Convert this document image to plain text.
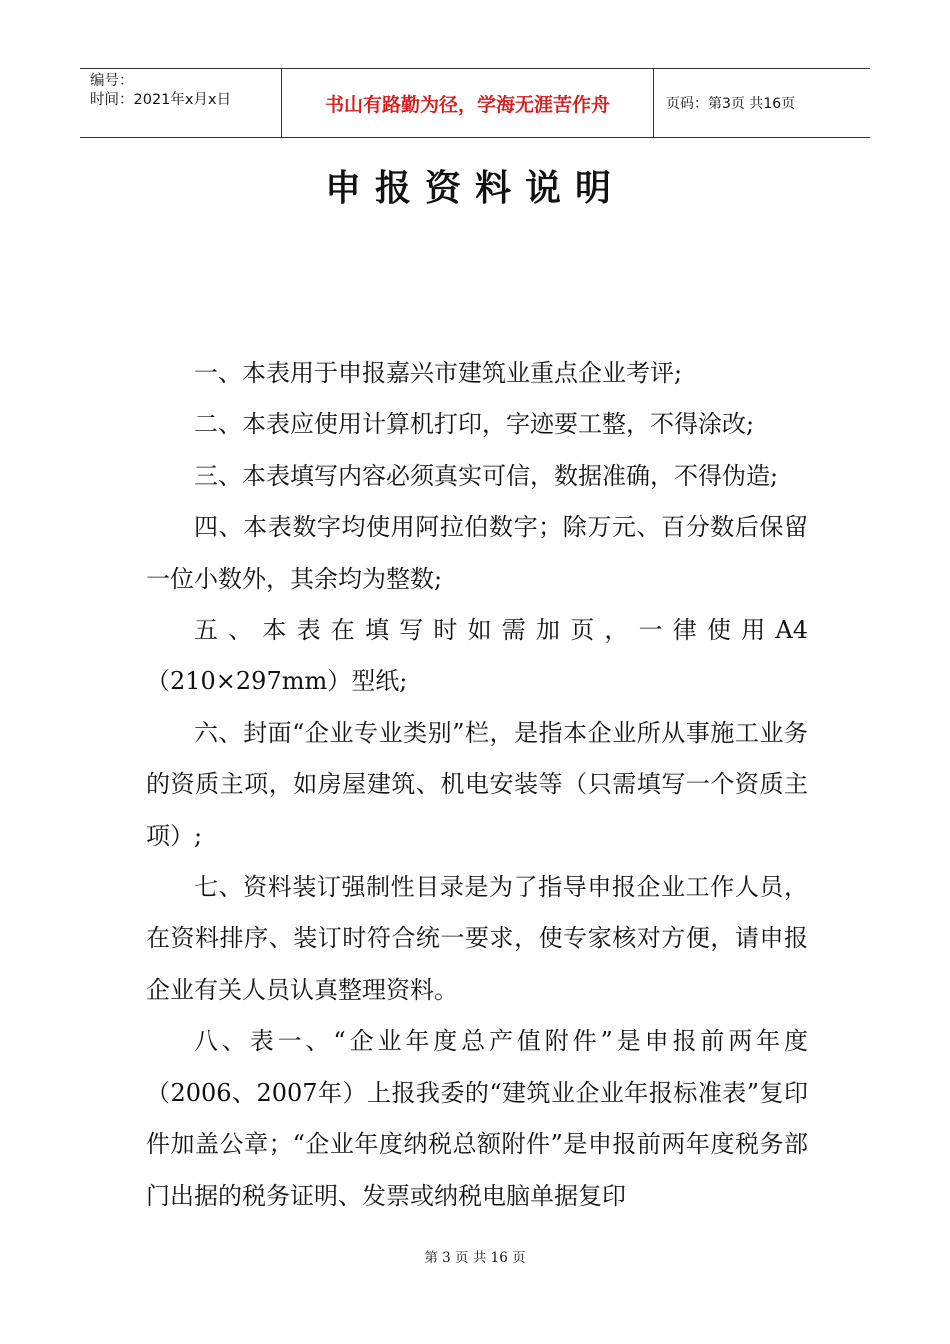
编号：
时间：2021年x月x日	书山有路勤为径，学海无涯苦作舟	页码：第3页 共16页
申报资料说明

一、本表用于申报嘉兴市建筑业重点企业考评;

二、本表应使用计算机打印，字迹要工整，不得涂改;

三、本表填写内容必须真实可信，数据准确，不得伪造;

四、本表数字均使用阿拉伯数字；除万元、百分数后保留一位小数外，其余均为整数;

五、本表在填写时如需加页，一律使用A4（210×297mm）型纸;

六、封面“企业专业类别”栏，是指本企业所从事施工业务的资质主项，如房屋建筑、机电安装等（只需填写一个资质主项）;

七、资料装订强制性目录是为了指导申报企业工作人员，在资料排序、装订时符合统一要求，使专家核对方便，请申报企业有关人员认真整理资料。

八、表一、“企业年度总产值附件”是申报前两年度（2006、2007年）上报我委的“建筑业企业年报标准表”复印件加盖公章；“企业年度纳税总额附件”是申报前两年度税务部门出据的税务证明、发票或纳税电脑单据复印

第 3 页 共 16 页
